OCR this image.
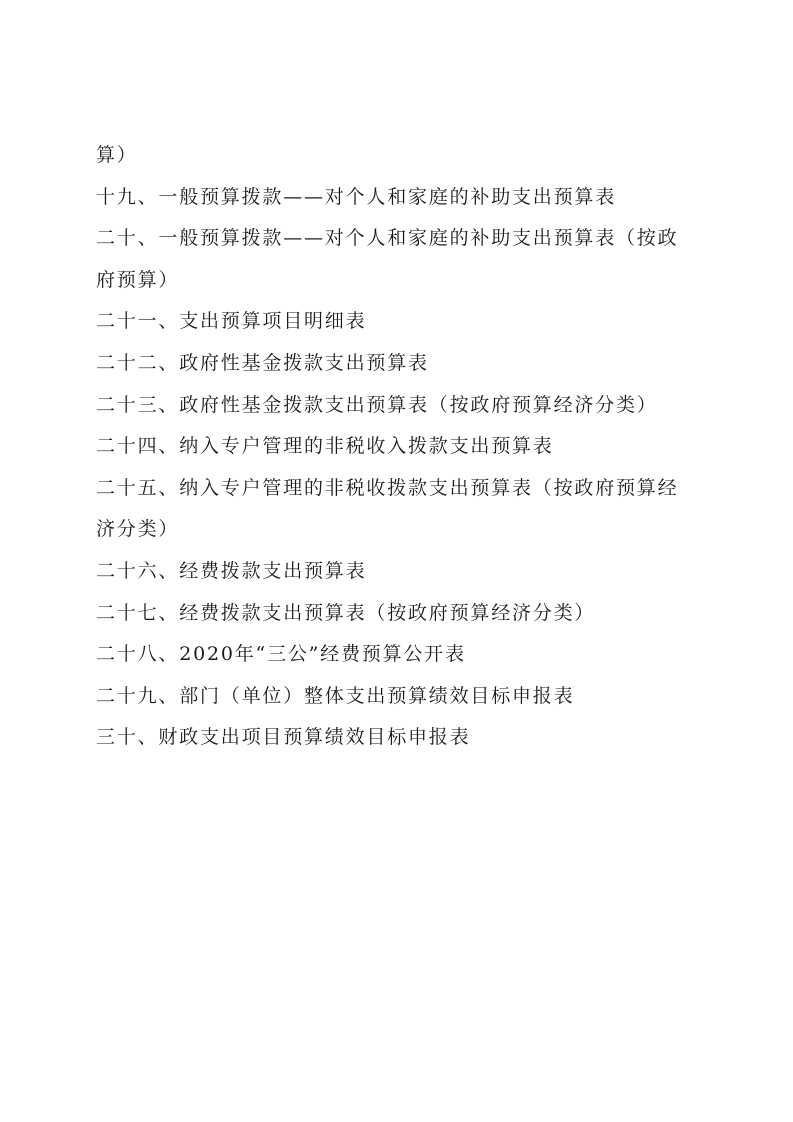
算）
十九、一般预算拨款——对个人和家庭的补助支出预算表
二十、一般预算拨款——对个人和家庭的补助支出预算表（按政
府预算）
二十一、支出预算项目明细表
二十二、政府性基金拨款支出预算表
二十三、政府性基金拨款支出预算表（按政府预算经济分类）
二十四、纳入专户管理的非税收入拨款支出预算表
二十五、纳入专户管理的非税收拨款支出预算表（按政府预算经
济分类）
二十六、经费拨款支出预算表
二十七、经费拨款支出预算表（按政府预算经济分类）
二十八、2020年“三公”经费预算公开表
二十九、部门（单位）整体支出预算绩效目标申报表
三十、财政支出项目预算绩效目标申报表
